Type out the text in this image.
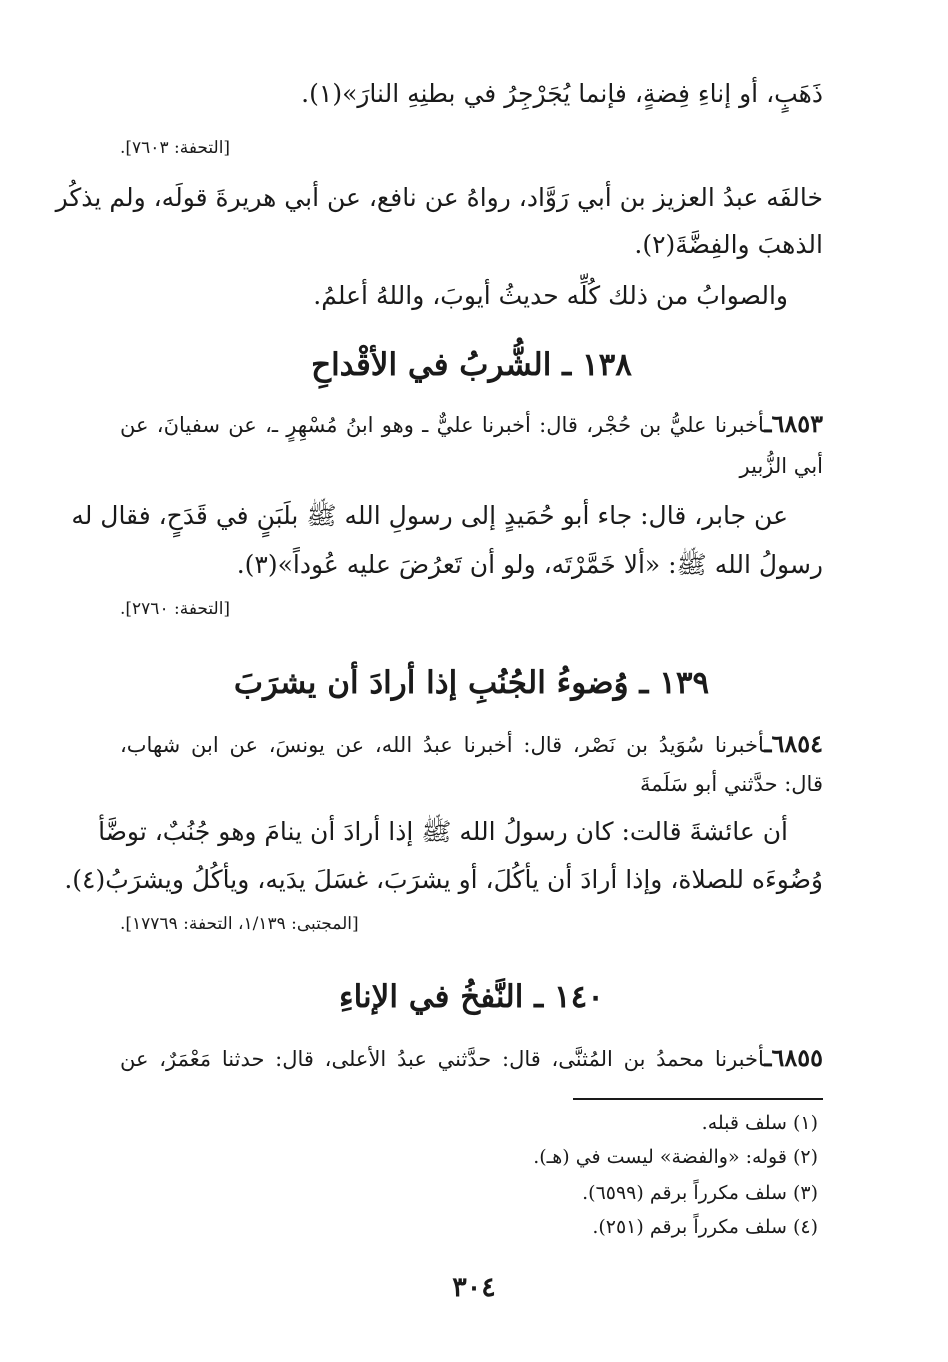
ذَهَبٍ، أو إناءِ فِضةٍ، فإنما يُجَرْجِرُ في بطنِهِ النارَ»(١).
[التحفة: ٧٦٠٣].
خالفَه عبدُ العزيز بن أبي رَوَّاد، رواهُ عن نافع، عن أبي هريرةَ قولَه، ولم يذكُر
الذهبَ والفِضَّةَ(٢).
والصوابُ من ذلك كُلِّه حديثُ أيوبَ، واللهُ أعلمُ.
١٣٨ ـ الشُّربُ في الأقْداحِ
٦٨٥٣ـأخبرنا عليُّ بن حُجْر، قال: أخبرنا عليٌّ ـ وهو ابنُ مُسْهِرٍ ـ، عن سفيانَ، عن
أبي الزُّبير
عن جابر، قال: جاء أبو حُمَيدٍ إلى رسولِ الله ﷺ بلَبَنٍ في قَدَحٍ، فقال له
رسولُ الله ﷺ: «ألا خَمَّرْتَه، ولو أن تَعرُضَ عليه عُوداً»(٣).
[التحفة: ٢٧٦٠].
١٣٩ ـ وُضوءُ الجُنُبِ إذا أرادَ أن يشرَبَ
٦٨٥٤ـأخبرنا سُوَيدُ بن نَصْر، قال: أخبرنا عبدُ الله، عن يونسَ، عن ابن شهاب،
قال: حدَّثني أبو سَلَمةَ
أن عائشةَ قالت: كان رسولُ الله ﷺ إذا أرادَ أن ينامَ وهو جُنُبٌ، توضَّأ
وُضُوءَه للصلاة، وإذا أرادَ أن يأكُلَ، أو يشرَبَ، غسَلَ يدَيه، ويأكُلُ ويشرَبُ(٤).
[المجتبى: ١/١٣٩، التحفة: ١٧٧٦٩].
١٤٠ ـ النَّفخُ في الإناءِ
٦٨٥٥ـأخبرنا محمدُ بن المُثنَّى، قال: حدَّثني عبدُ الأعلى، قال: حدثنا مَعْمَرٌ، عن
(١) سلف قبله.
(٢) قوله: «والفضة» ليست في (هـ).
(٣) سلف مكرراً برقم (٦٥٩٩).
(٤) سلف مكرراً برقم (٢٥١).
٣٠٤
